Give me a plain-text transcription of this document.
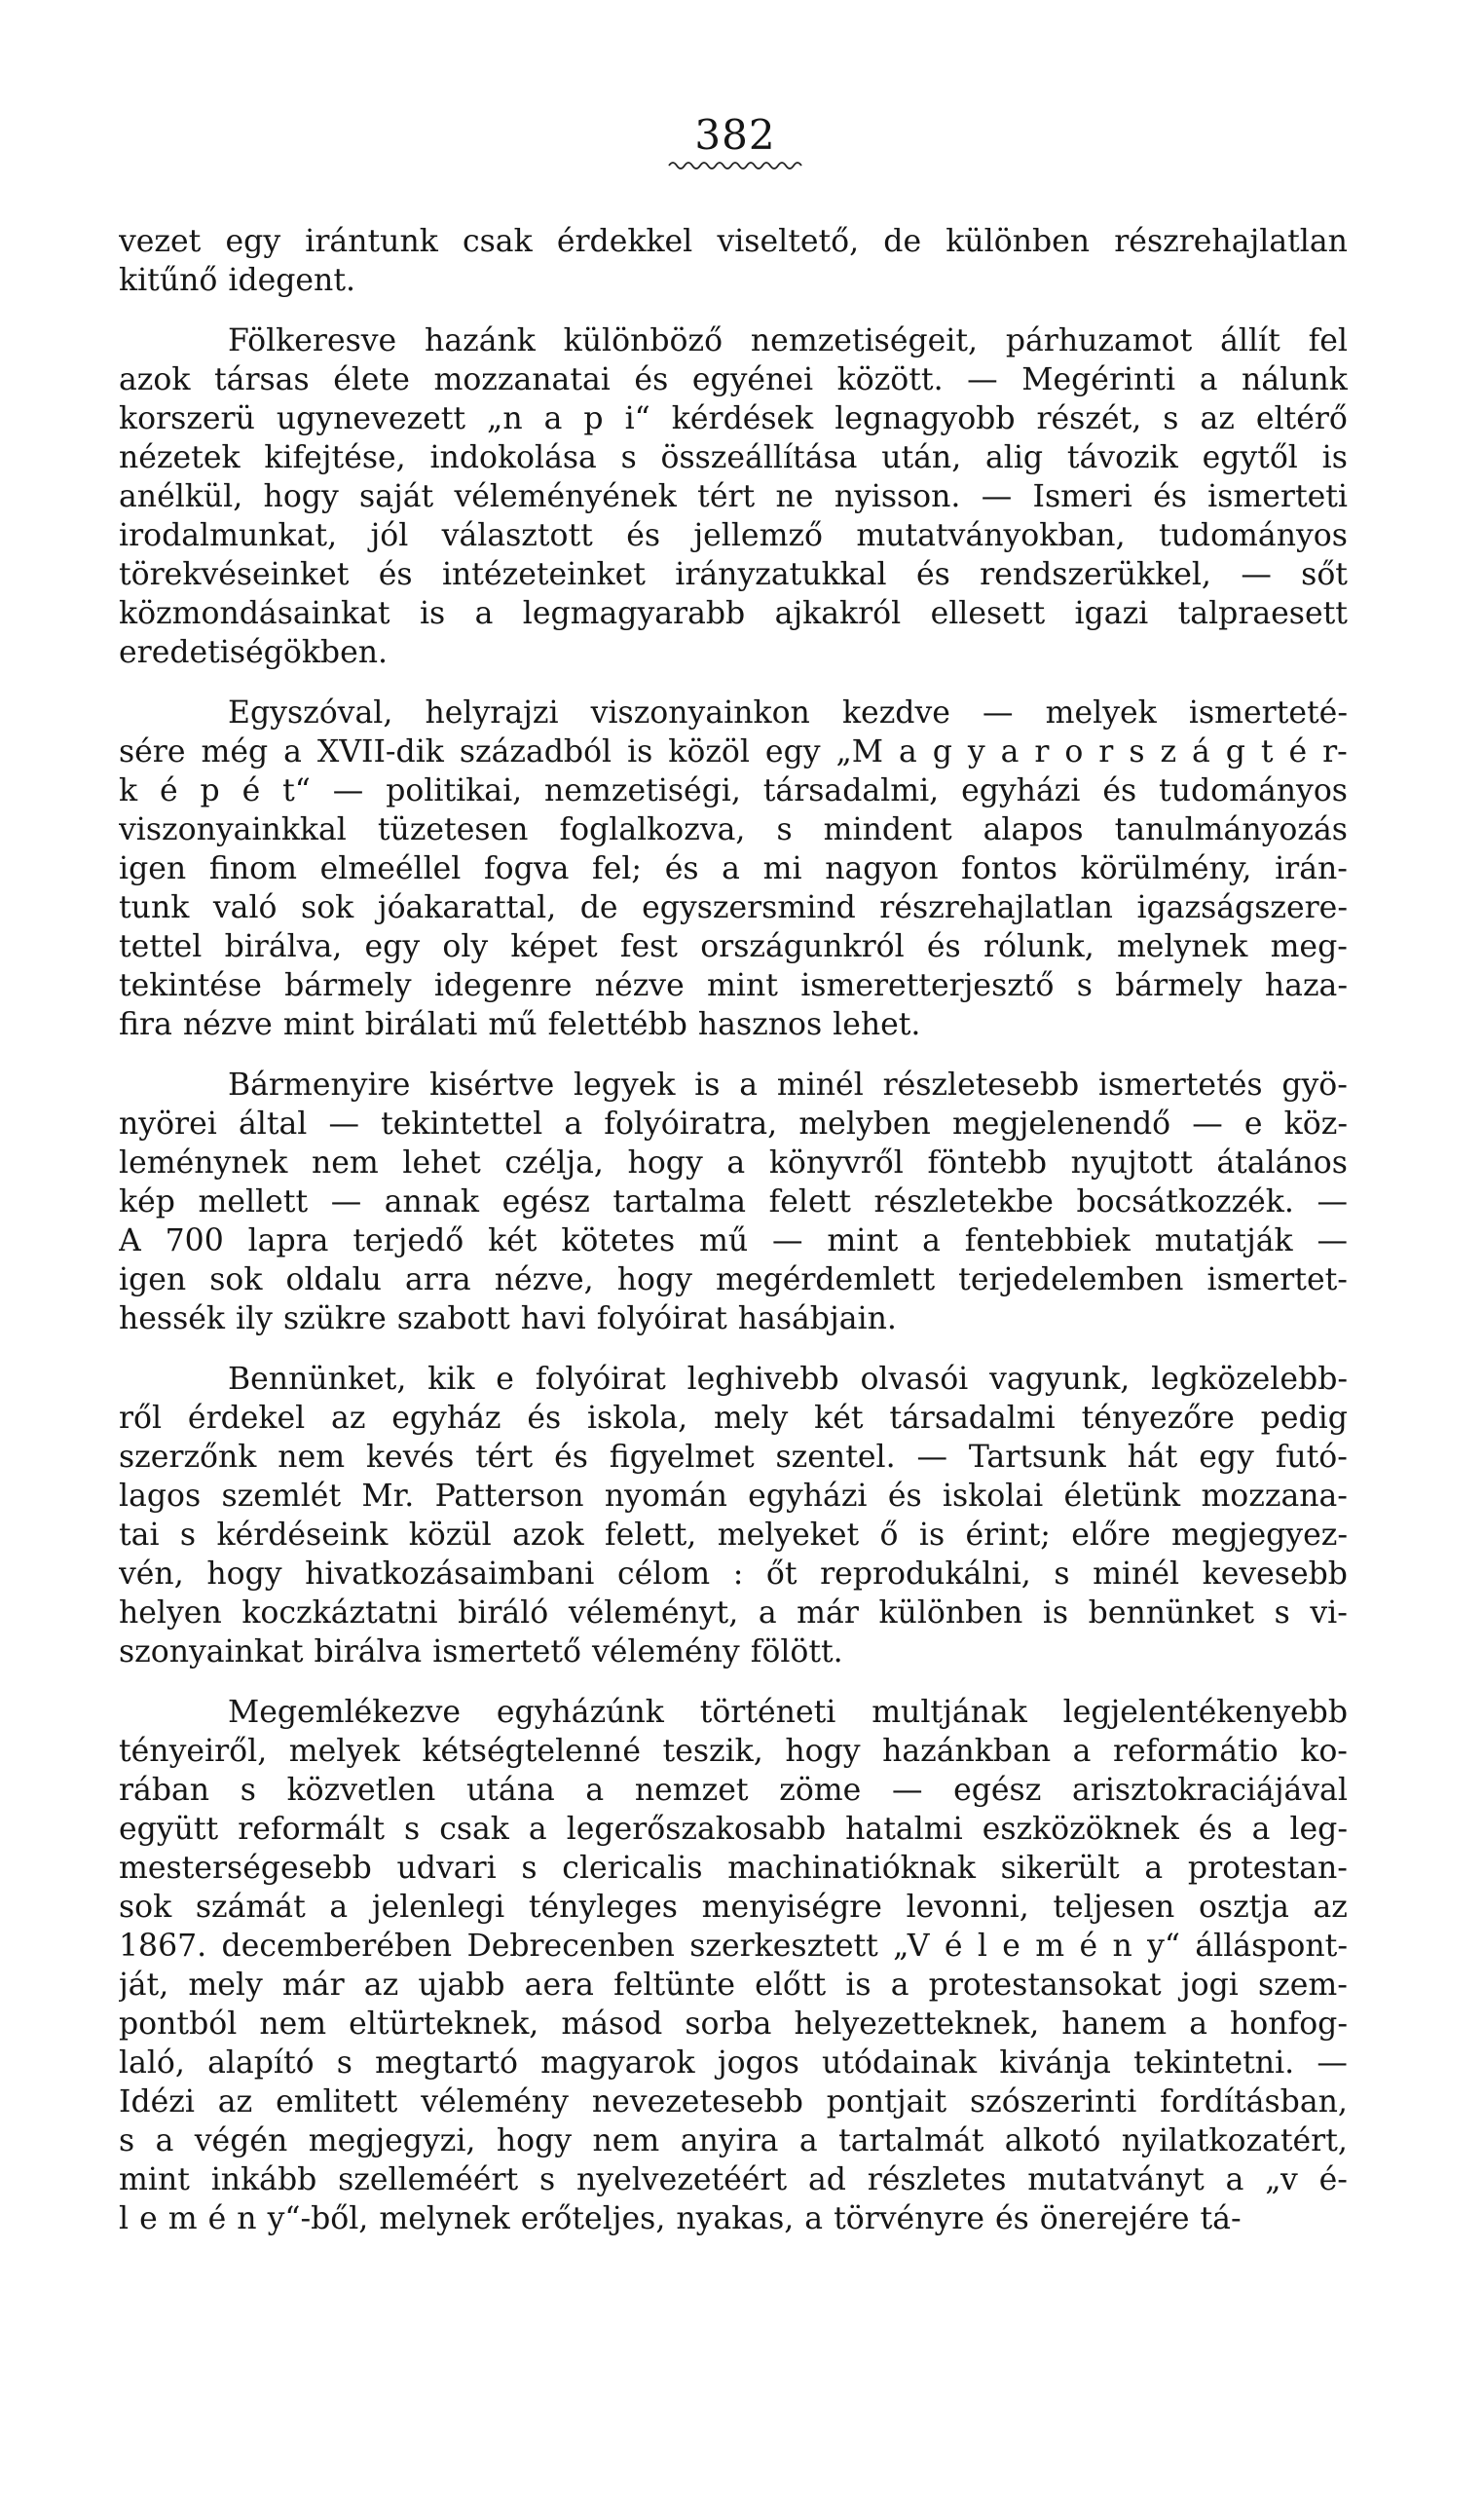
382
vezet egy irántunk csak érdekkel viseltető, de különben részrehajlatlan
kitűnő idegent.
Fölkeresve hazánk különböző nemzetiségeit, párhuzamot állít fel
azok társas élete mozzanatai és egyénei között. — Megérinti a nálunk
korszerü ugynevezett „n a p i“ kérdések legnagyobb részét, s az eltérő
nézetek kifejtése, indokolása s összeállítása után, alig távozik egytől is
anélkül, hogy saját véleményének tért ne nyisson. — Ismeri és ismerteti
irodalmunkat, jól választott és jellemző mutatványokban, tudományos
törekvéseinket és intézeteinket irányzatukkal és rendszerükkel, — sőt
közmondásainkat is a legmagyarabb ajkakról ellesett igazi talpraesett
eredetiségökben.
Egyszóval, helyrajzi viszonyainkon kezdve — melyek ismerteté-
sére még a XVII-dik századból is közöl egy „M a g y a r o r s z á g t é r-
k é p é t“ — politikai, nemzetiségi, társadalmi, egyházi és tudományos
viszonyainkkal tüzetesen foglalkozva, s mindent alapos tanulmányozás
igen finom elmeéllel fogva fel; és a mi nagyon fontos körülmény, irán-
tunk való sok jóakarattal, de egyszersmind részrehajlatlan igazságszere-
tettel birálva, egy oly képet fest országunkról és rólunk, melynek meg-
tekintése bármely idegenre nézve mint ismeretterjesztő s bármely haza-
fira nézve mint birálati mű felettébb hasznos lehet.
Bármenyire kisértve legyek is a minél részletesebb ismertetés gyö-
nyörei által — tekintettel a folyóiratra, melyben megjelenendő — e köz-
leménynek nem lehet czélja, hogy a könyvről föntebb nyujtott átalános
kép mellett — annak egész tartalma felett részletekbe bocsátkozzék. —
A 700 lapra terjedő két kötetes mű — mint a fentebbiek mutatják —
igen sok oldalu arra nézve, hogy megérdemlett terjedelemben ismertet-
hessék ily szükre szabott havi folyóirat hasábjain.
Bennünket, kik e folyóirat leghivebb olvasói vagyunk, legközelebb-
ről érdekel az egyház és iskola, mely két társadalmi tényezőre pedig
szerzőnk nem kevés tért és figyelmet szentel. — Tartsunk hát egy futó-
lagos szemlét Mr. Patterson nyomán egyházi és iskolai életünk mozzana-
tai s kérdéseink közül azok felett, melyeket ő is érint; előre megjegyez-
vén, hogy hivatkozásaimbani célom : őt reprodukálni, s minél kevesebb
helyen koczkáztatni biráló véleményt, a már különben is bennünket s vi-
szonyainkat birálva ismertető vélemény fölött.
Megemlékezve egyházúnk történeti multjának legjelentékenyebb
tényeiről, melyek kétségtelenné teszik, hogy hazánkban a reformátio ko-
rában s közvetlen utána a nemzet zöme — egész arisztokraciájával
együtt reformált s csak a legerőszakosabb hatalmi eszközöknek és a leg-
mesterségesebb udvari s clericalis machinatióknak sikerült a protestan-
sok számát a jelenlegi tényleges menyiségre levonni, teljesen osztja az
1867. decemberében Debrecenben szerkesztett „V é l e m é n y“ álláspont-
ját, mely már az ujabb aera feltünte előtt is a protestansokat jogi szem-
pontból nem eltürteknek, másod sorba helyezetteknek, hanem a honfog-
laló, alapító s megtartó magyarok jogos utódainak kivánja tekintetni. —
Idézi az emlitett vélemény nevezetesebb pontjait szószerinti fordításban,
s a végén megjegyzi, hogy nem anyira a tartalmát alkotó nyilatkozatért,
mint inkább szelleméért s nyelvezetéért ad részletes mutatványt a „v é-
l e m é n y“-ből, melynek erőteljes, nyakas, a törvényre és önerejére tá-
